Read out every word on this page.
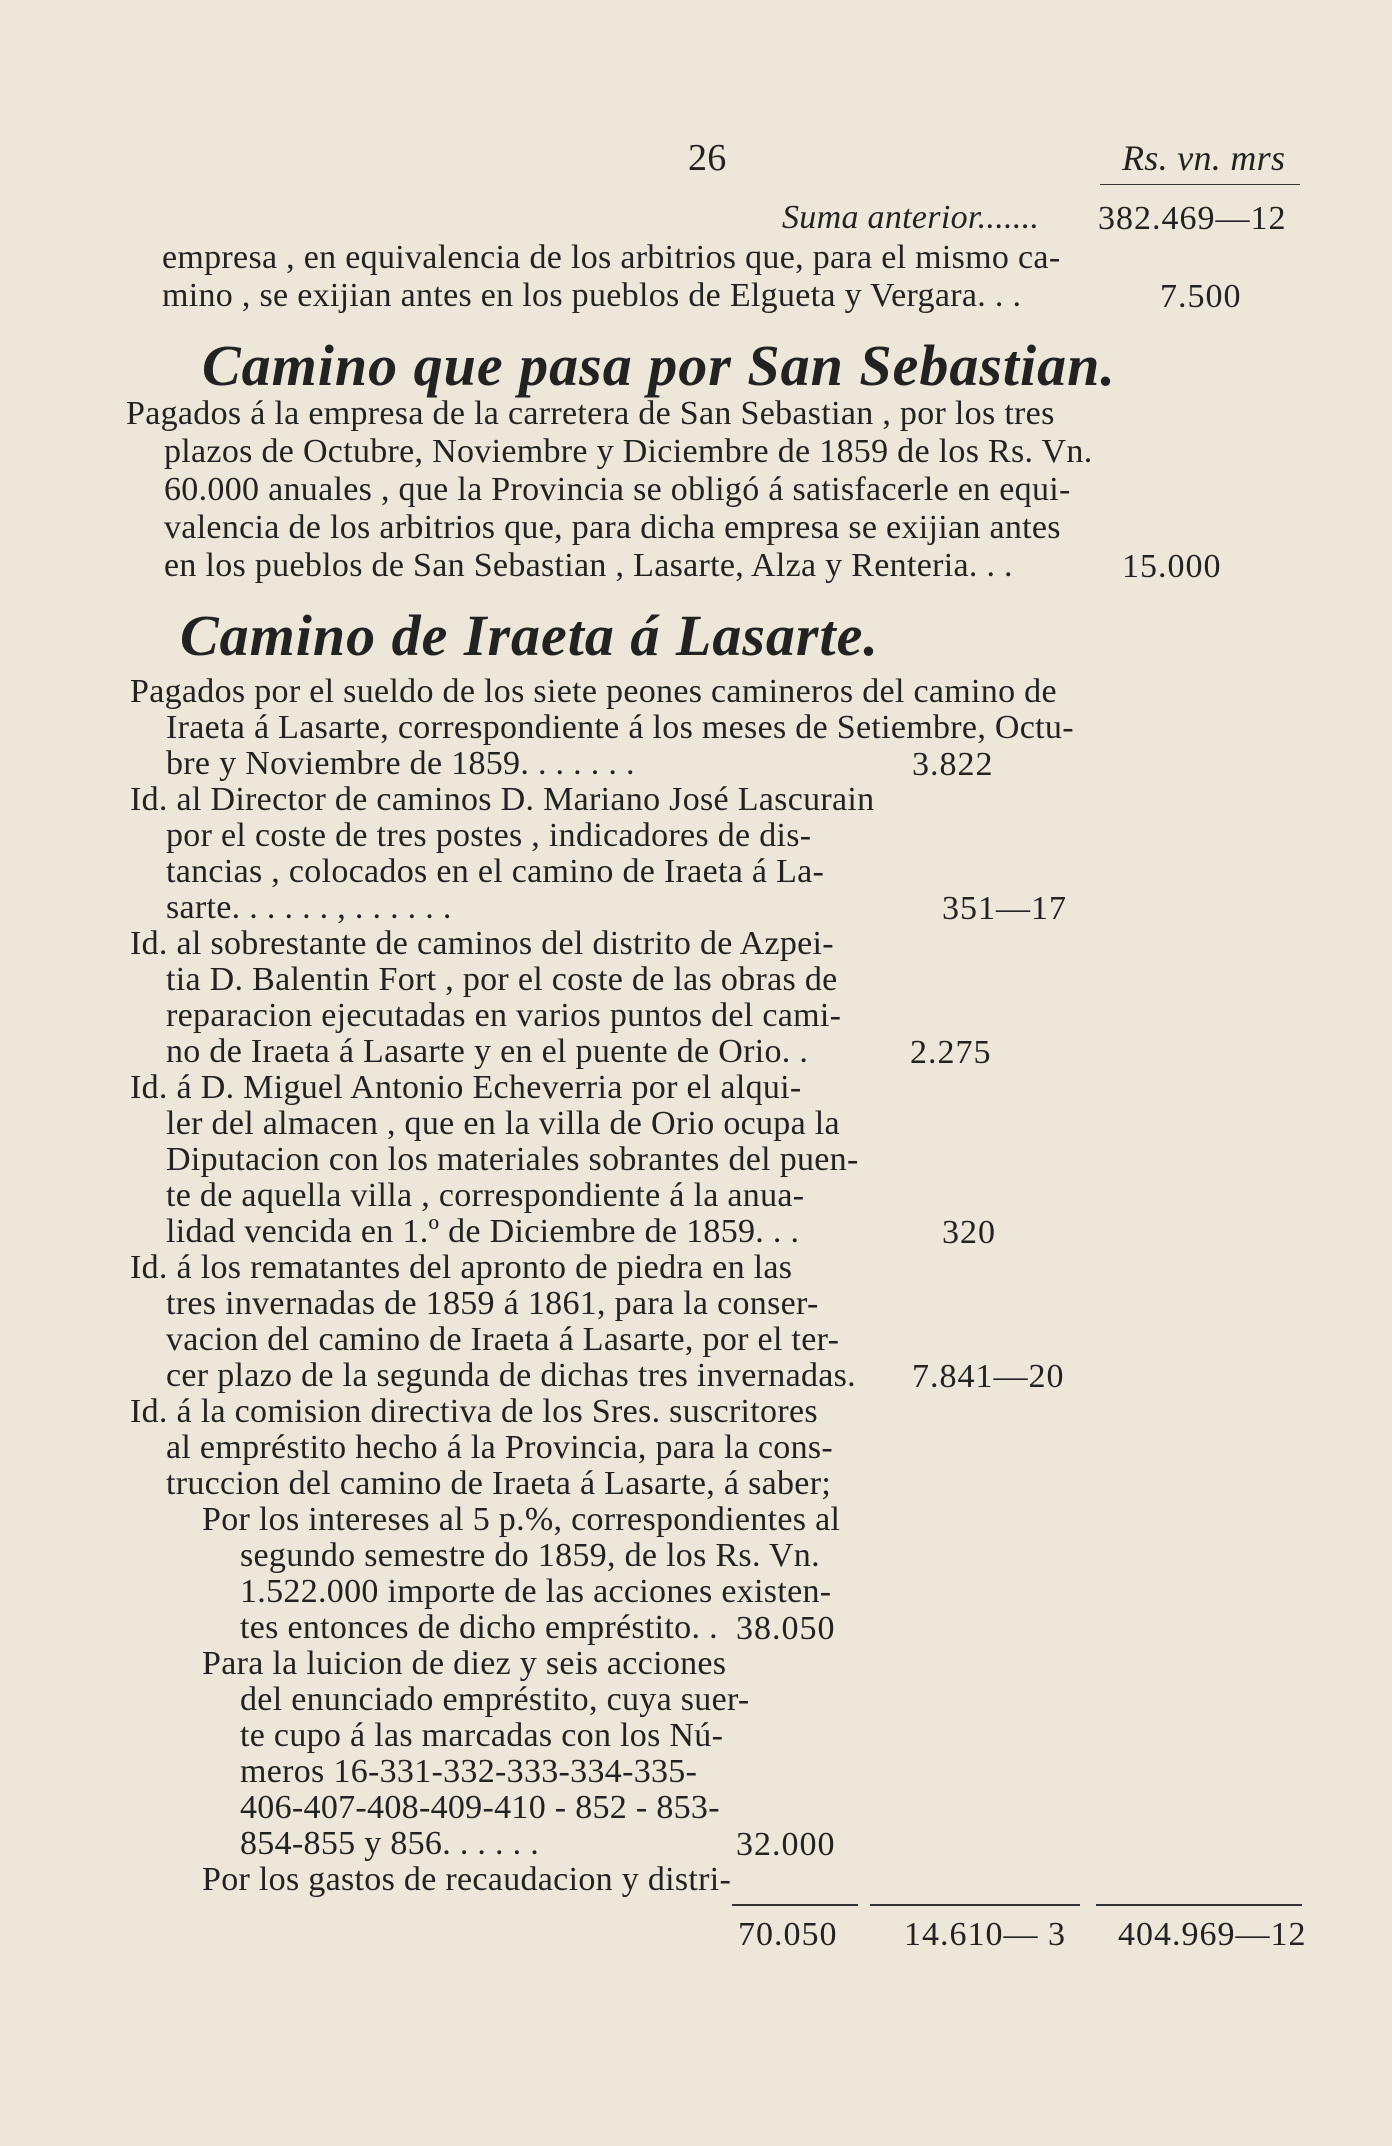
26	Rs. vn. mrs
Suma anterior....... 382.469—12
empresa , en equivalencia de los arbitrios que, para el mismo ca-
mino , se exijian antes en los pueblos de Elgueta y Vergara. . .	7.500
Camino que pasa por San Sebastian.
Pagados á la empresa de la carretera de San Sebastian , por los tres
plazos de Octubre, Noviembre y Diciembre de 1859 de los Rs. Vn.
60.000 anuales , que la Provincia se obligó á satisfacerle en equi-
valencia de los arbitrios que, para dicha empresa se exijian antes
en los pueblos de San Sebastian , Lasarte, Alza y Renteria. . .	15.000
Camino de Iraeta á Lasarte.
Pagados por el sueldo de los siete peones camineros del camino de
Iraeta á Lasarte, correspondiente á los meses de Setiembre, Octu-
bre y Noviembre de 1859. . . . . . .	3.822
Id. al Director de caminos D. Mariano José Lascurain
por el coste de tres postes , indicadores de dis-
tancias , colocados en el camino de Iraeta á La-
sarte. . . . . . , . . . . . .	351—17
Id. al sobrestante de caminos del distrito de Azpei-
tia D. Balentin Fort , por el coste de las obras de
reparacion ejecutadas en varios puntos del cami-
no de Iraeta á Lasarte y en el puente de Orio. .	2.275
Id. á D. Miguel Antonio Echeverria por el alqui-
ler del almacen , que en la villa de Orio ocupa la
Diputacion con los materiales sobrantes del puen-
te de aquella villa , correspondiente á la anua-
lidad vencida en 1.º de Diciembre de 1859. . .	320
Id. á los rematantes del apronto de piedra en las
tres invernadas de 1859 á 1861, para la conser-
vacion del camino de Iraeta á Lasarte, por el ter-
cer plazo de la segunda de dichas tres invernadas. 7.841—20
Id. á la comision directiva de los Sres. suscritores
al empréstito hecho á la Provincia, para la cons-
truccion del camino de Iraeta á Lasarte, á saber;
Por los intereses al 5 p.%, correspondientes al
segundo semestre do 1859, de los Rs. Vn.
1.522.000 importe de las acciones existen-
tes entonces de dicho empréstito. . 38.050
Para la luicion de diez y seis acciones
del enunciado empréstito, cuya suer-
te cupo á las marcadas con los Nú-
meros 16-331-332-333-334-335-
406-407-408-409-410 - 852 - 853-
854-855 y 856. . . . . .	32.000
Por los gastos de recaudacion y distri-
70.050 14.610— 3 404.969—12
